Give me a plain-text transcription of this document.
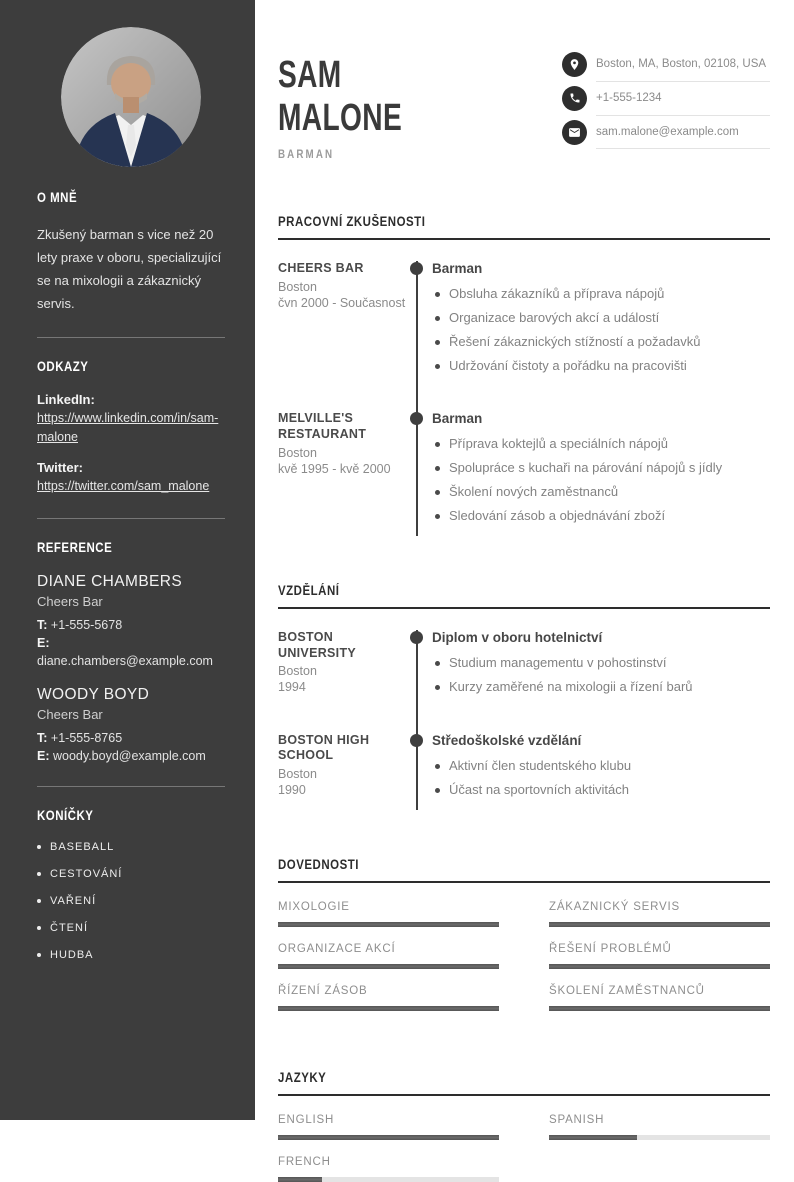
O MNĚ

Zkušený barman s vice než 20 lety praxe v oboru, specializující se na mixologii a zákaznický servis.

ODKAZY
LinkedIn:
https://www.linkedin.com/in/sam-malone
Twitter:
https://twitter.com/sam_malone
REFERENCE
DIANE CHAMBERS
Cheers Bar
T: +1-555-5678
E: diane.chambers@example.com
WOODY BOYD
Cheers Bar
T: +1-555-8765
E: woody.boyd@example.com
KONÍČKY
BASEBALL
CESTOVÁNÍ
VAŘENÍ
ČTENÍ
HUDBA
SAM
MALONE
BARMAN
Boston, MA, Boston, 02108, USA
+1-555-1234
sam.malone@example.com
PRACOVNÍ ZKUŠENOSTI
CHEERS BAR
Boston
čvn 2000 - Současnost
Barman
Obsluha zákazníků a příprava nápojů
Organizace barových akcí a událostí
Řešení zákaznických stížností a požadavků
Udržování čistoty a pořádku na pracovišti
MELVILLE'S RESTAURANT
Boston
kvě 1995 - kvě 2000
Barman
Příprava koktejlů a speciálních nápojů
Spolupráce s kuchaři na párování nápojů s jídly
Školení nových zaměstnanců
Sledování zásob a objednávání zboží
VZDĚLÁNÍ
BOSTON UNIVERSITY
Boston
1994
Diplom v oboru hotelnictví
Studium managementu v pohostinství
Kurzy zaměřené na mixologii a řízení barů
BOSTON HIGH SCHOOL
Boston
1990
Středoškolské vzdělání
Aktivní člen studentského klubu
Účast na sportovních aktivitách
DOVEDNOSTI
MIXOLOGIE	ZÁKAZNICKÝ SERVIS
ORGANIZACE AKCÍ	ŘEŠENÍ PROBLÉMŮ
ŘÍZENÍ ZÁSOB	ŠKOLENÍ ZAMĚSTNANCŮ
JAZYKY
ENGLISH	SPANISH
FRENCH
